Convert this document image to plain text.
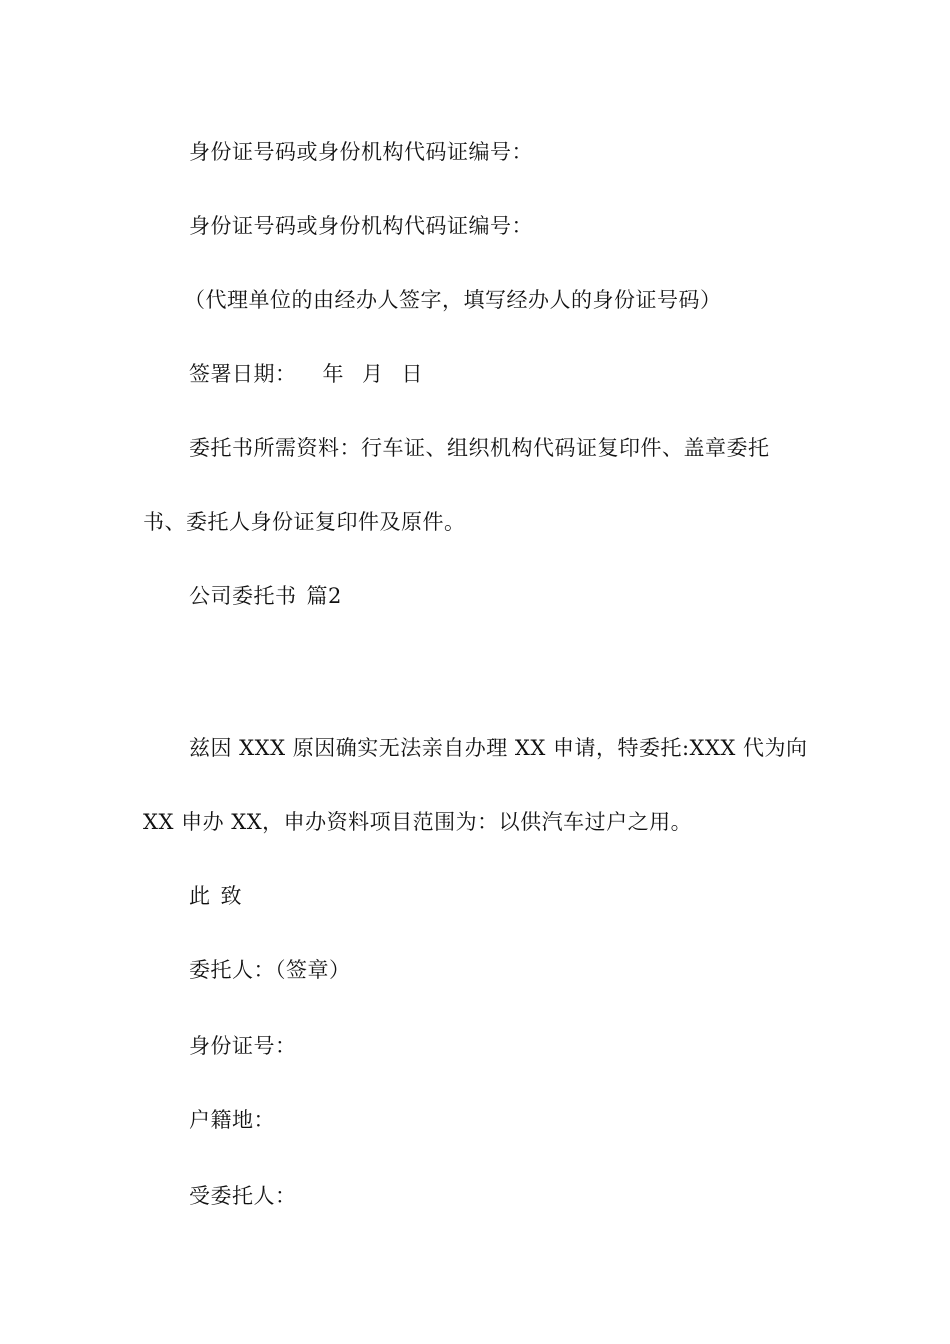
身份证号码或身份机构代码证编号：
身份证号码或身份机构代码证编号：
（代理单位的由经办人签字，填写经办人的身份证号码）
签署日期： 年 月 日
委托书所需资料：行车证、组织机构代码证复印件、盖章委托
书、委托人身份证复印件及原件。
公司委托书 篇2
兹因 XXX 原因确实无法亲自办理 XX 申请，特委托:XXX 代为向
XX 申办 XX，申办资料项目范围为：以供汽车过户之用。
此 致
委托人：（签章）
身份证号：
户籍地：
受委托人：
